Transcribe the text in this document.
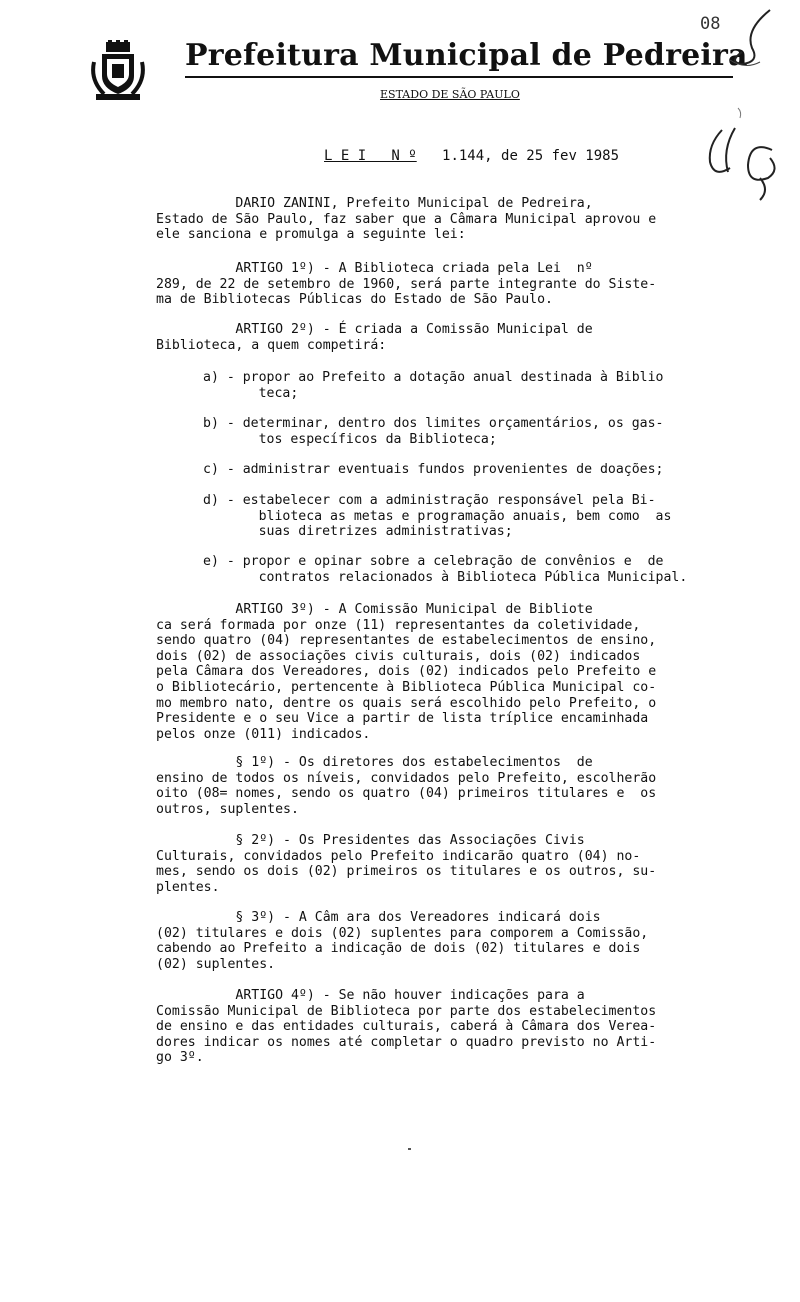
Prefeitura Municipal de Pedreira
ESTADO DE SÃO PAULO
08
L E I   N º 1.144, de 25 fev 1985
DARIO ZANINI, Prefeito Municipal de Pedreira,
Estado de São Paulo, faz saber que a Câmara Municipal aprovou e
ele sanciona e promulga a seguinte lei:
ARTIGO 1º) - A Biblioteca criada pela Lei  nº
289, de 22 de setembro de 1960, será parte integrante do Siste-
ma de Bibliotecas Públicas do Estado de São Paulo.
ARTIGO 2º) - É criada a Comissão Municipal de
Biblioteca, a quem competirá:
a) - propor ao Prefeito a dotação anual destinada à Biblio
teca;
b) - determinar, dentro dos limites orçamentários, os gas-
tos específicos da Biblioteca;
c) - administrar eventuais fundos provenientes de doações;
d) - estabelecer com a administração responsável pela Bi-
blioteca as metas e programação anuais, bem como  as
suas diretrizes administrativas;
e) - propor e opinar sobre a celebração de convênios e  de
contratos relacionados à Biblioteca Pública Municipal.
ARTIGO 3º) - A Comissão Municipal de Bibliote
ca será formada por onze (11) representantes da coletividade,
sendo quatro (04) representantes de estabelecimentos de ensino,
dois (02) de associações civis culturais, dois (02) indicados
pela Câmara dos Vereadores, dois (02) indicados pelo Prefeito e
o Bibliotecário, pertencente à Biblioteca Pública Municipal co-
mo membro nato, dentre os quais será escolhido pelo Prefeito, o
Presidente e o seu Vice a partir de lista tríplice encaminhada
pelos onze (011) indicados.
§ 1º) - Os diretores dos estabelecimentos  de
ensino de todos os níveis, convidados pelo Prefeito, escolherão
oito (08= nomes, sendo os quatro (04) primeiros titulares e  os
outros, suplentes.
§ 2º) - Os Presidentes das Associações Civis
Culturais, convidados pelo Prefeito indicarão quatro (04) no-
mes, sendo os dois (02) primeiros os titulares e os outros, su-
plentes.
§ 3º) - A Câm ara dos Vereadores indicará dois
(02) titulares e dois (02) suplentes para comporem a Comissão,
cabendo ao Prefeito a indicação de dois (02) titulares e dois
(02) suplentes.
ARTIGO 4º) - Se não houver indicações para a
Comissão Municipal de Biblioteca por parte dos estabelecimentos
de ensino e das entidades culturais, caberá à Câmara dos Verea-
dores indicar os nomes até completar o quadro previsto no Arti-
go 3º.
